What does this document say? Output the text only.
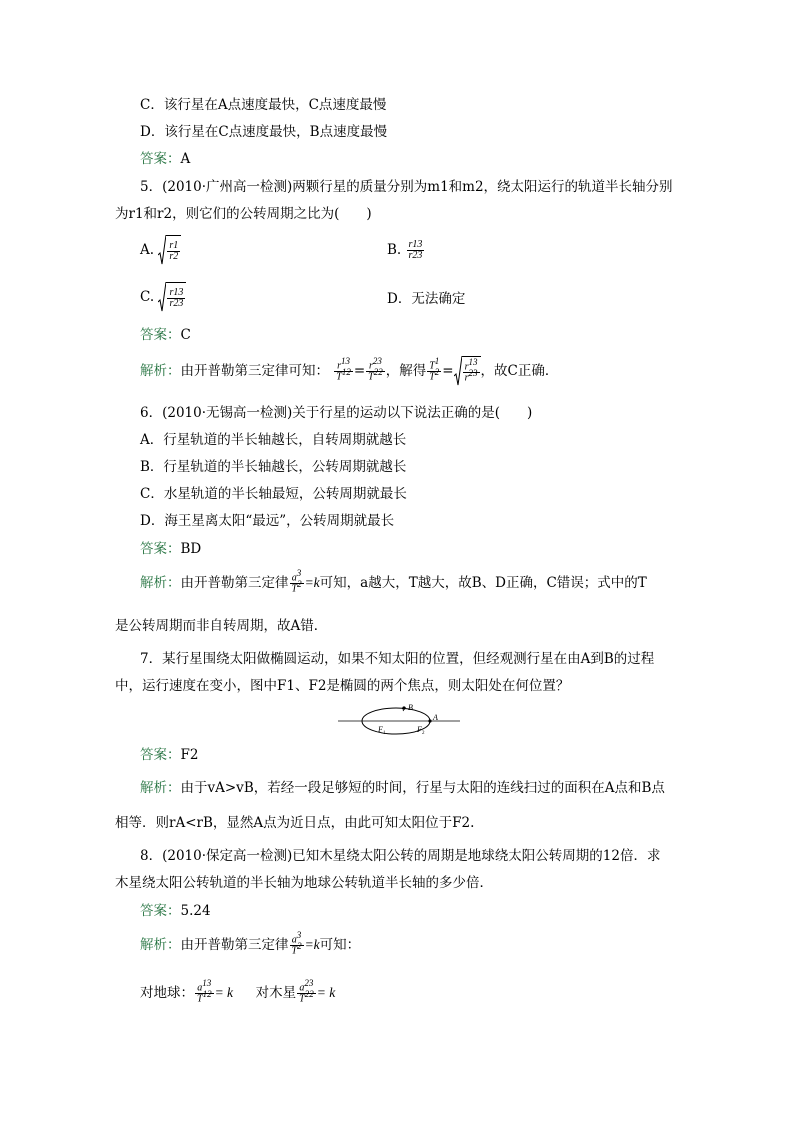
C．该行星在A点速度最快，C点速度最慢
D．该行星在C点速度最快，B点速度最慢
答案：A
5．(2010·广州高一检测)两颗行星的质量分别为m1和m2，绕太阳运行的轨道半长轴分别
为r1和r2，则它们的公转周期之比为(　　)
A. $\frac{r1}{r2}$	B. $\frac{r13}{r23}$
C. $\frac{r13}{r23}$	D．无法确定
答案：C
解析：由开普勒第三定律可知： $\frac{r^{13}}{T^{12}} = \frac{r^{23}}{T^{22}}$ ，解得 $\frac{T^1}{T^2} = \frac{r^{13}}{r^{23}}$ ，故C正确．
6．(2010·无锡高一检测)关于行星的运动以下说法正确的是(　　)
A．行星轨道的半长轴越长，自转周期就越长
B．行星轨道的半长轴越长，公转周期就越长
C．水星轨道的半长轴最短，公转周期就最长
D．海王星离太阳“最远”，公转周期就最长
答案：BD
解析：由开普勒第三定律 $\frac{a^3}{T^2} =k$可知，a越大，T越大，故B、D正确，C错误；式中的T
是公转周期而非自转周期，故A错．
7．某行星围绕太阳做椭圆运动，如果不知太阳的位置，但经观测行星在由A到B的过程
中，运行速度在变小，图中F1、F2是椭圆的两个焦点，则太阳处在何位置？
A
B
F 1	F 2
答案：F2
解析：由于vA>vB，若经一段足够短的时间，行星与太阳的连线扫过的面积在A点和B点
相等．则rA<rB，显然A点为近日点，由此可知太阳位于F2.
8．(2010·保定高一检测)已知木星绕太阳公转的周期是地球绕太阳公转周期的12倍．求
木星绕太阳公转轨道的半长轴为地球公转轨道半长轴的多少倍．
答案：5.24
解析：由开普勒第三定律 $\frac{a^3}{T^2} =k$可知：
对地球： $\frac{a^{13}}{T^{12}} = k$ 对木星 $\frac{a^{23}}{T^{22}} = k$
